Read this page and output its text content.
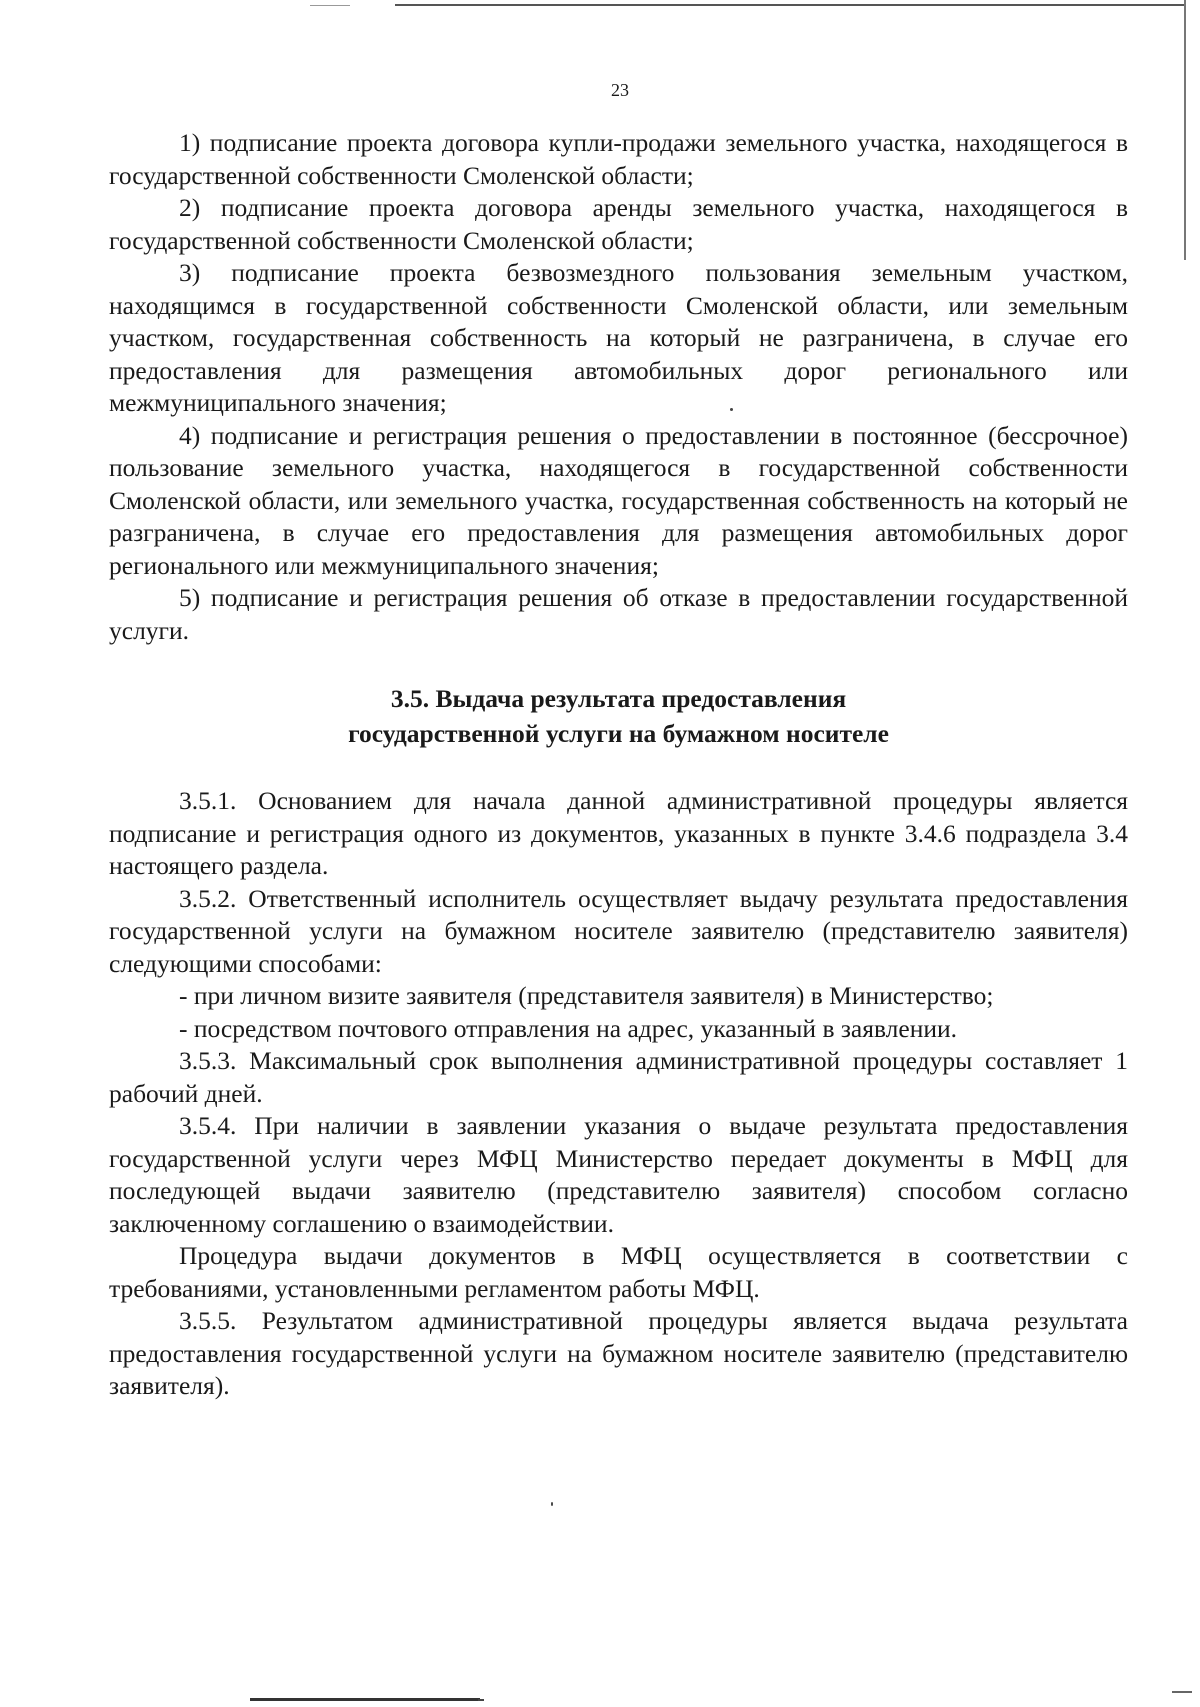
23

1) подписание проекта договора купли-продажи земельного участка, находящегося в государственной собственности Смоленской области;

2) подписание проекта договора аренды земельного участка, находящегося в государственной собственности Смоленской области;

3) подписание проекта безвозмездного пользования земельным участком, находящимся в государственной собственности Смоленской области, или земельным участком, государственная собственность на который не разграничена, в случае его предоставления для размещения автомобильных дорог регионального или межмуниципального значения;

4) подписание и регистрация решения о предоставлении в постоянное (бессрочное) пользование земельного участка, находящегося в государственной собственности Смоленской области, или земельного участка, государственная собственность на который не разграничена, в случае его предоставления для размещения автомобильных дорог регионального или межмуниципального значения;

5) подписание и регистрация решения об отказе в предоставлении государственной услуги.

3.5. Выдача результата предоставления
государственной услуги на бумажном носителе

3.5.1. Основанием для начала данной административной процедуры является подписание и регистрация одного из документов, указанных в пункте 3.4.6 подраздела 3.4 настоящего раздела.

3.5.2. Ответственный исполнитель осуществляет выдачу результата предоставления государственной услуги на бумажном носителе заявителю (представителю заявителя) следующими способами:

- при личном визите заявителя (представителя заявителя) в Министерство;

- посредством почтового отправления на адрес, указанный в заявлении.

3.5.3. Максимальный срок выполнения административной процедуры составляет 1 рабочий дней.

3.5.4. При наличии в заявлении указания о выдаче результата предоставления государственной услуги через МФЦ Министерство передает документы в МФЦ для последующей выдачи заявителю (представителю заявителя) способом согласно заключенному соглашению о взаимодействии.

Процедура выдачи документов в МФЦ осуществляется в соответствии с требованиями, установленными регламентом работы МФЦ.

3.5.5. Результатом административной процедуры является выдача результата предоставления государственной услуги на бумажном носителе заявителю (представителю заявителя).
